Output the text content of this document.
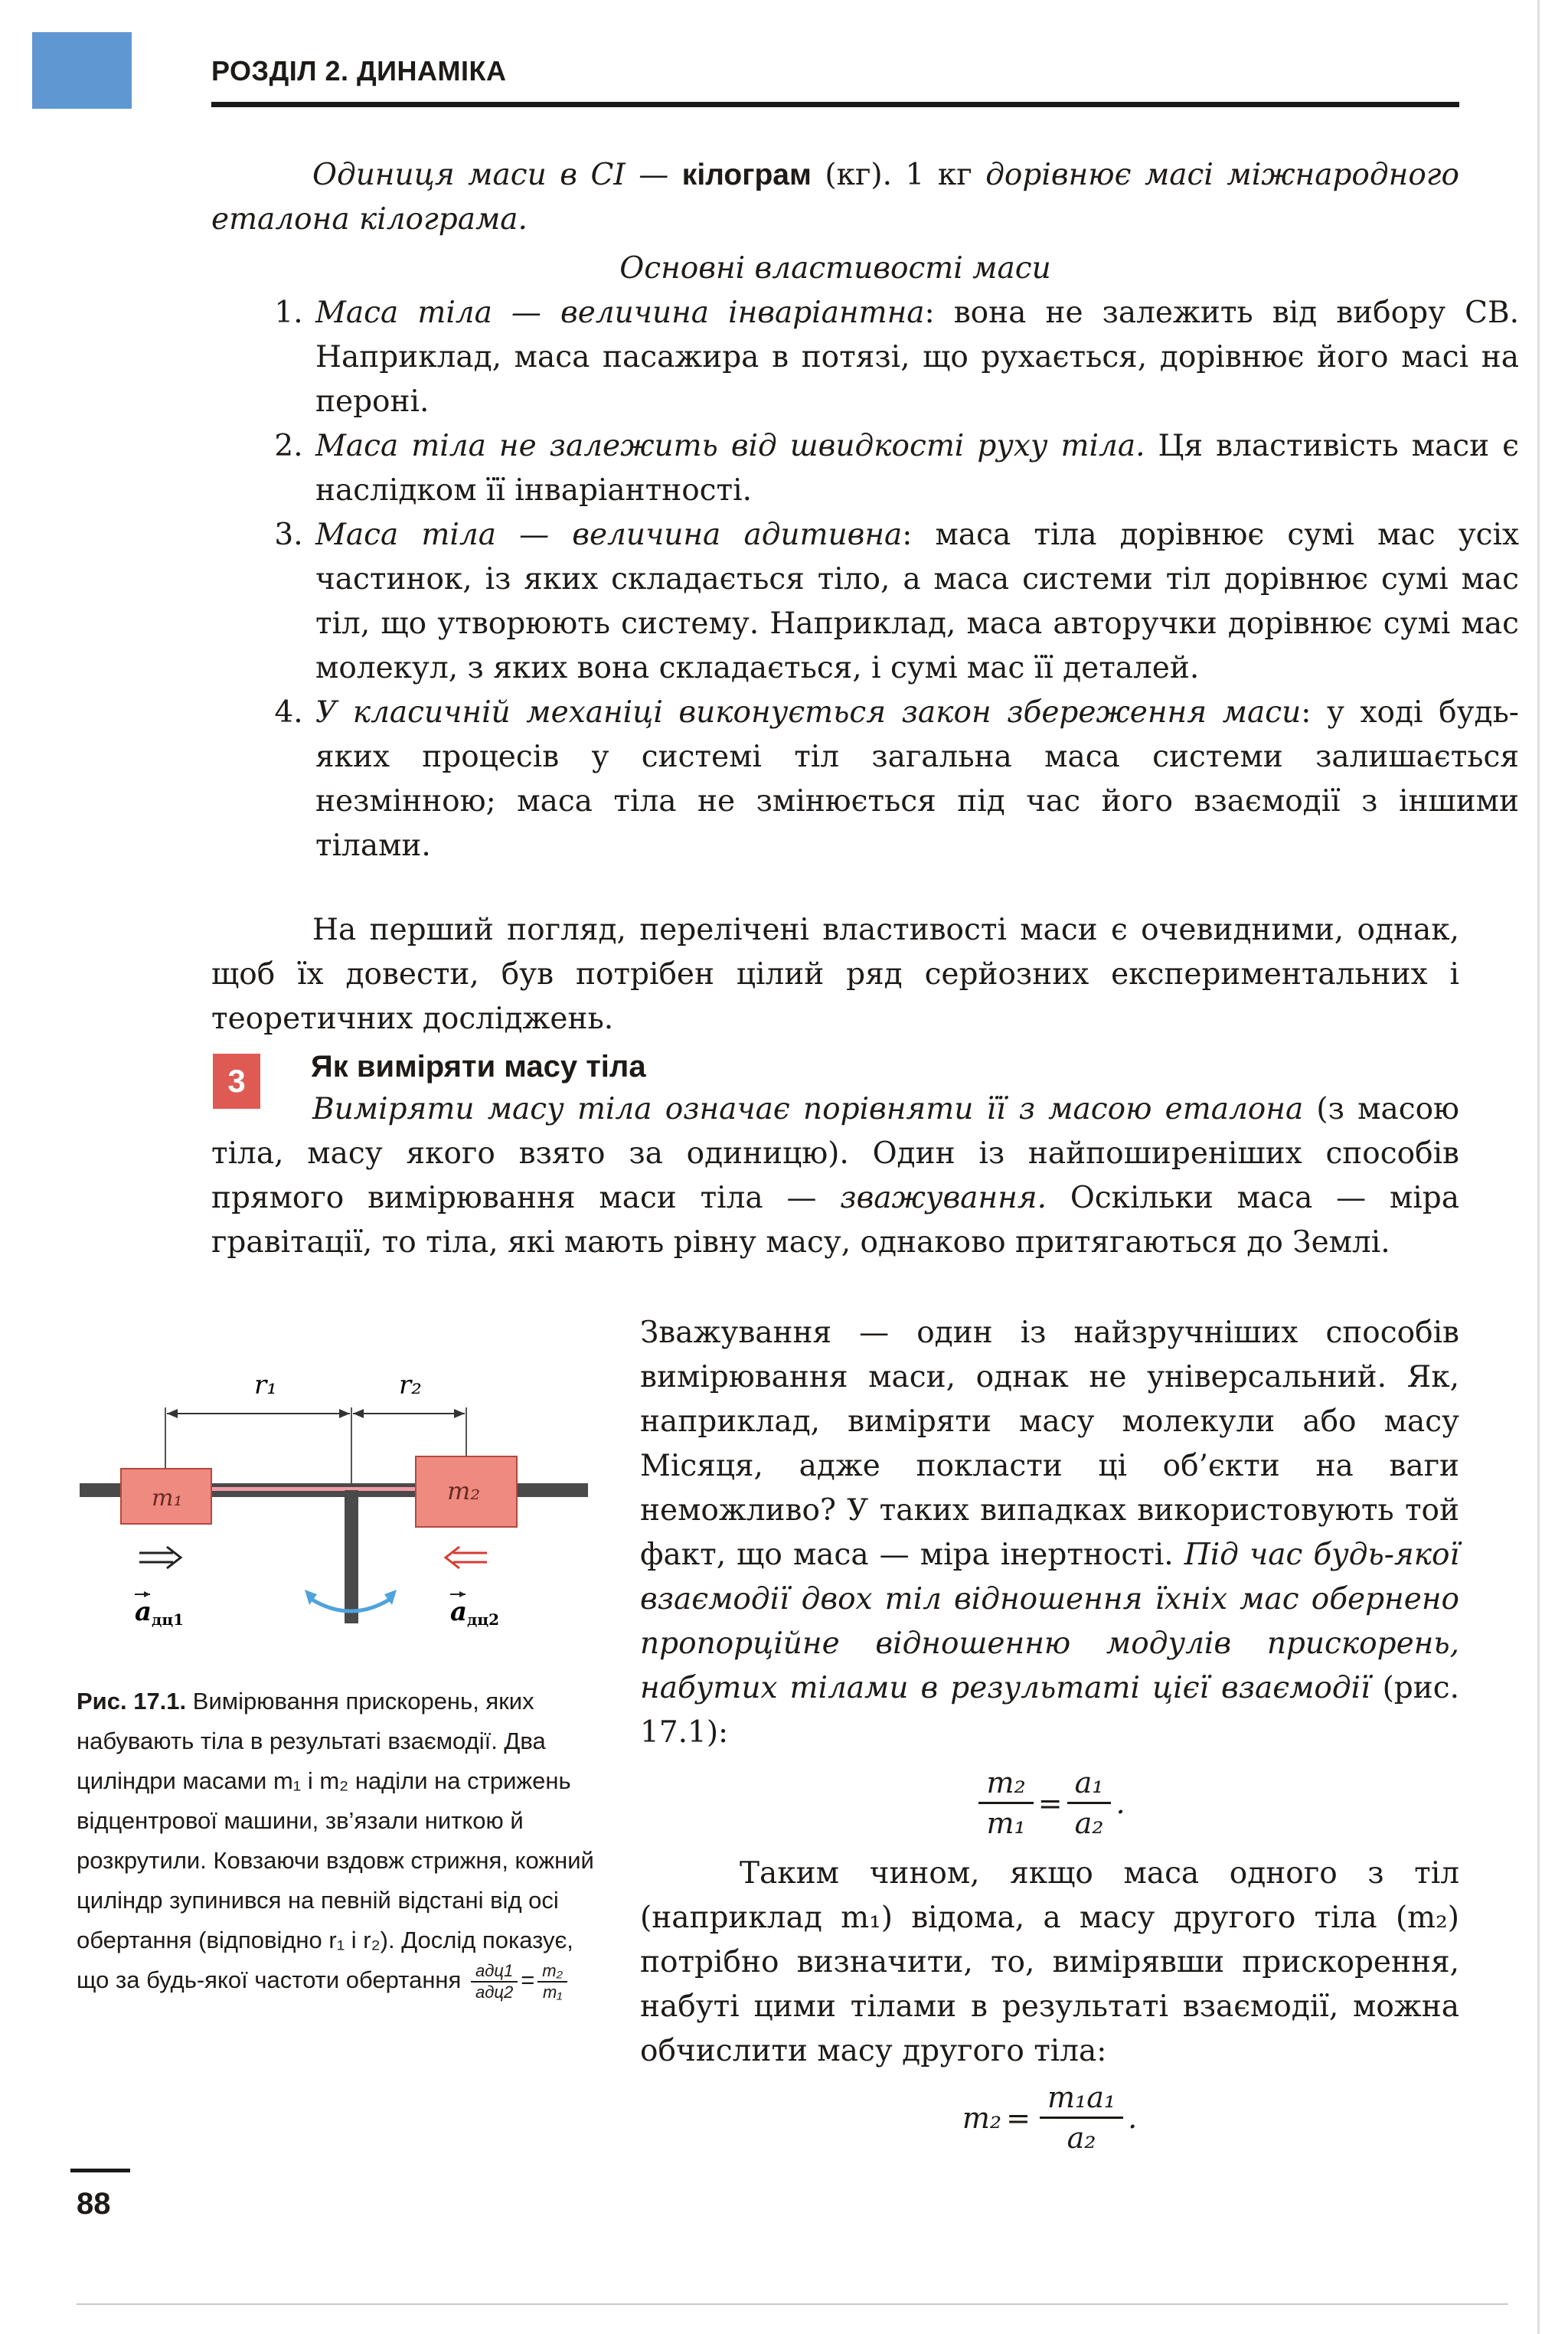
РОЗДІЛ 2. ДИНАМІКА

Одиниця маси в СІ — кілограм (кг). 1 кг дорівнює масі міжнародного еталона кілограма.

Основні властивості маси
1. Маса тіла — величина інваріантна: вона не залежить від вибору СВ. Наприклад, маса пасажира в потязі, що рухається, дорівнює його масі на пероні.
2. Маса тіла не залежить від швидкості руху тіла. Ця властивість маси є наслідком її інваріантності.
3. Маса тіла — величина адитивна: маса тіла дорівнює сумі мас усіх частинок, із яких складається тіло, а маса системи тіл дорівнює сумі мас тіл, що утворюють систему. Наприклад, маса авторучки дорівнює сумі мас молекул, з яких вона складається, і сумі мас її деталей.
4. У класичній механіці виконується закон збереження маси: у ході будь-яких процесів у системі тіл загальна маса системи залишається незмінною; маса тіла не змінюється під час його взаємодії з іншими тілами.

На перший погляд, перелічені властивості маси є очевидними, однак, щоб їх довести, був потрібен цілий ряд серйозних експериментальних і теоретичних досліджень.

3	Як виміряти масу тіла

Виміряти масу тіла означає порівняти її з масою еталона (з масою тіла, масу якого взято за одиницю). Один із найпоширеніших способів прямого вимірювання маси тіла — зважування. Оскільки маса — міра гравітації, то тіла, які мають рівну масу, однаково притягаються до Землі.

r₁	r₂
m₁	m₂
aдц1	aдц2
Рис. 17.1. Вимірювання прискорень, яких набувають тіла в результаті взаємодії. Два циліндри масами m₁ і m₂ наділи на стрижень відцентрової машини, зв’язали ниткою й розкрутили. Ковзаючи вздовж стрижня, кожний циліндр зупинився на певній відстані від осі обертання (відповідно r₁ і r₂). Дослід показує, що за будь-якої частоти обертання aдц1
$aдц2 = \frac{\text{m₂}}{\text{m₁}}$

Зважування — один із найзручніших способів вимірювання маси, однак не універсальний. Як, наприклад, виміряти масу молекули або масу Місяця, адже покласти ці об’єкти на ваги неможливо? У таких випадках використовують той факт, що маса — міра інертності. Під час будь-якої взаємодії двох тіл відношення їхніх мас обернено пропорційне відношенню модулів прискорень, набутих тілами в результаті цієї взаємодії (рис. 17.1):

$\frac{\text{m₂}}{\text{m₁}} = \frac{\text{a₁}}{\text{a₂}}$ .

Таким чином, якщо маса одного з тіл (наприклад m₁) відома, а масу другого тіла (m₂) потрібно визначити, то, вимірявши прискорення, набуті цими тілами в результаті взаємодії, можна обчислити масу другого тіла:

$m_2 = \frac{\text{m₁a₁}}{\text{a₂}}$ .
88
